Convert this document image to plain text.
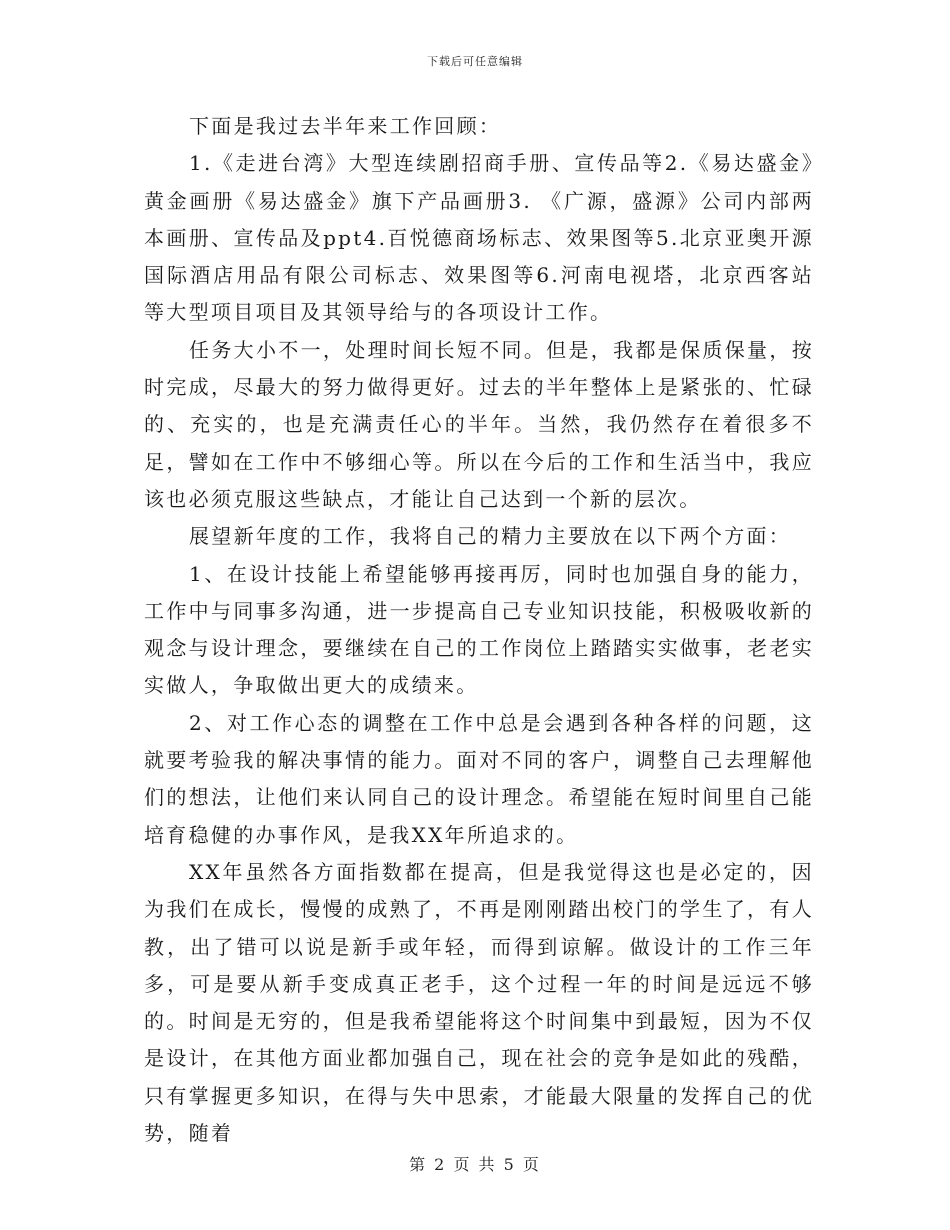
下载后可任意编辑

下面是我过去半年来工作回顾：

1.《走进台湾》大型连续剧招商手册、宣传品等2.《易达盛金》黄金画册《易达盛金》旗下产品画册3. 《广源，盛源》公司内部两本画册、宣传品及ppt4.百悦德商场标志、效果图等5.北京亚奥开源国际酒店用品有限公司标志、效果图等6.河南电视塔，北京西客站等大型项目项目及其领导给与的各项设计工作。

任务大小不一，处理时间长短不同。但是，我都是保质保量，按时完成，尽最大的努力做得更好。过去的半年整体上是紧张的、忙碌的、充实的，也是充满责任心的半年。当然，我仍然存在着很多不足，譬如在工作中不够细心等。所以在今后的工作和生活当中，我应该也必须克服这些缺点，才能让自己达到一个新的层次。

展望新年度的工作，我将自己的精力主要放在以下两个方面：

1、在设计技能上希望能够再接再厉，同时也加强自身的能力，工作中与同事多沟通，进一步提高自己专业知识技能，积极吸收新的观念与设计理念，要继续在自己的工作岗位上踏踏实实做事，老老实实做人，争取做出更大的成绩来。

2、对工作心态的调整在工作中总是会遇到各种各样的问题，这就要考验我的解决事情的能力。面对不同的客户，调整自己去理解他们的想法，让他们来认同自己的设计理念。希望能在短时间里自己能培育稳健的办事作风，是我XX年所追求的。

XX年虽然各方面指数都在提高，但是我觉得这也是必定的，因为我们在成长，慢慢的成熟了，不再是刚刚踏出校门的学生了，有人教，出了错可以说是新手或年轻，而得到谅解。做设计的工作三年多，可是要从新手变成真正老手，这个过程一年的时间是远远不够的。时间是无穷的，但是我希望能将这个时间集中到最短，因为不仅是设计，在其他方面业都加强自己，现在社会的竞争是如此的残酷，只有掌握更多知识，在得与失中思索，才能最大限量的发挥自己的优势，随着

第 2 页 共 5 页
